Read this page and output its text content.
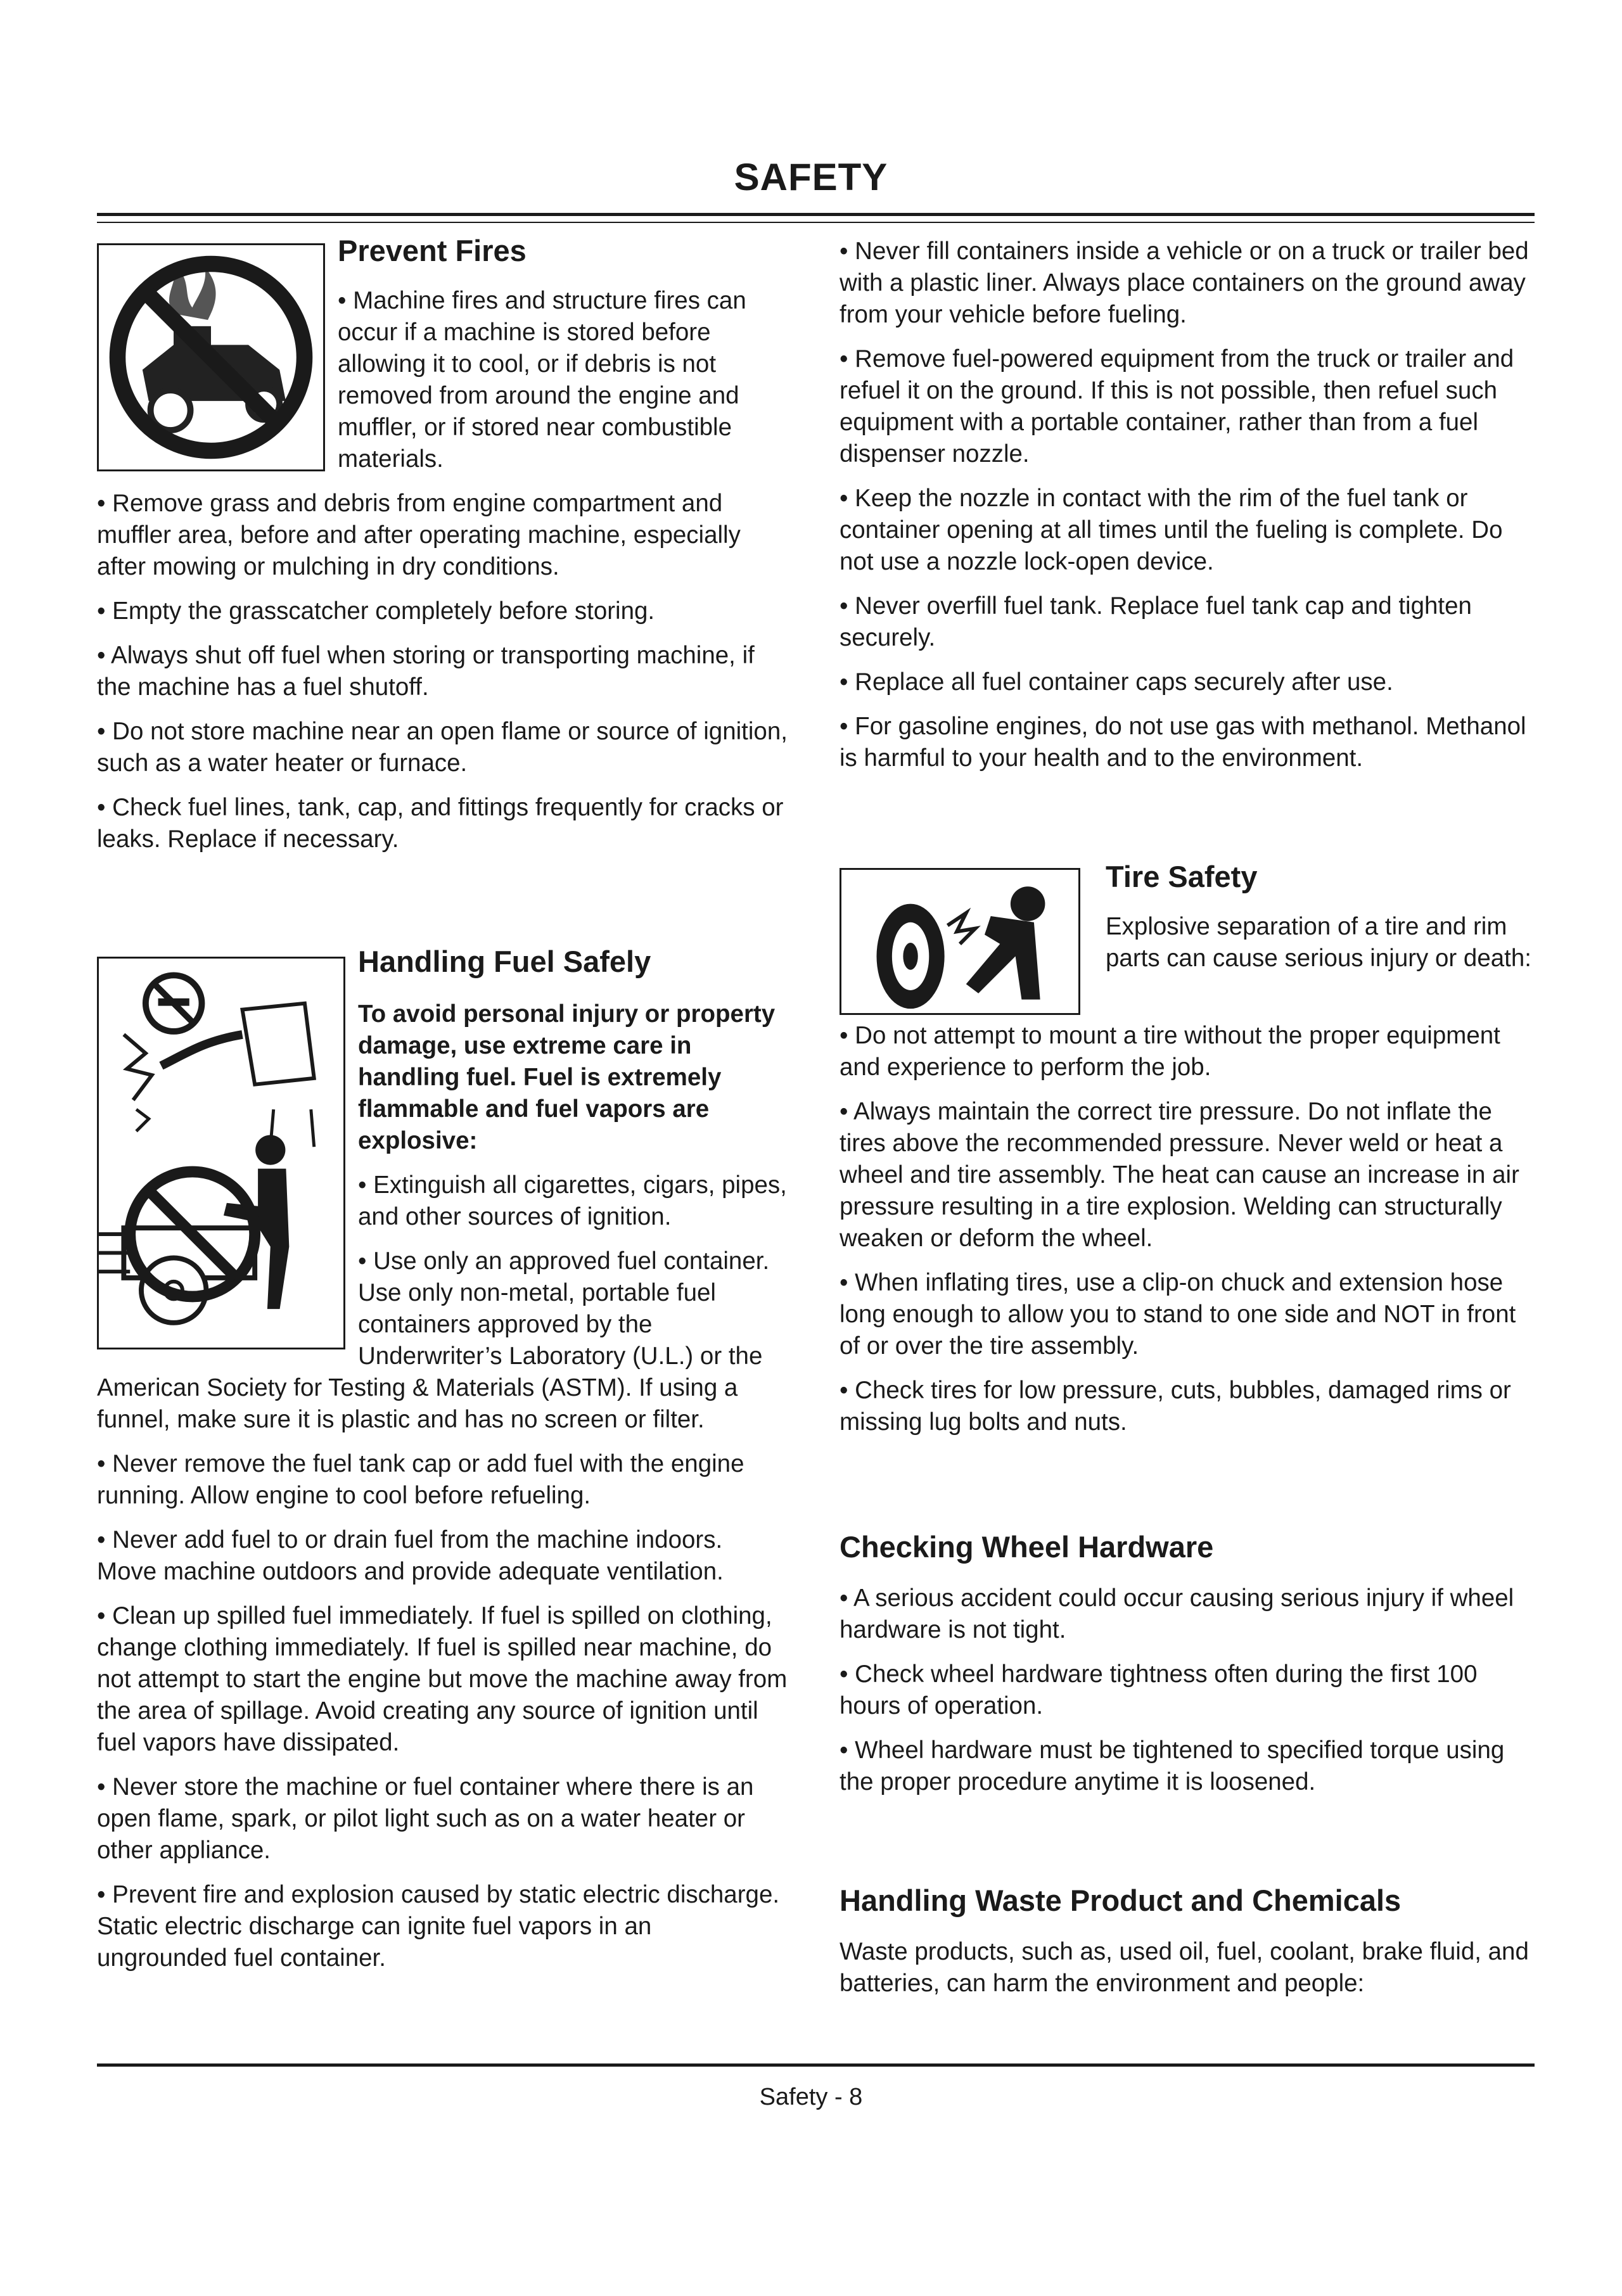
SAFETY
Prevent Fires

• Machine fires and structure fires can occur if a machine is stored before allowing it to cool, or if debris is not removed from around the engine and muffler, or if stored near combustible materials.

• Remove grass and debris from engine compartment and muffler area, before and after operating machine, especially after mowing or mulching in dry conditions.

• Empty the grasscatcher completely before storing.

• Always shut off fuel when storing or transporting machine, if the machine has a fuel shutoff.

• Do not store machine near an open flame or source of ignition, such as a water heater or furnace.

• Check fuel lines, tank, cap, and fittings frequently for cracks or leaks. Replace if necessary.

Handling Fuel Safely

To avoid personal injury or property damage, use extreme care in handling fuel. Fuel is extremely flammable and fuel vapors are explosive:

• Extinguish all cigarettes, cigars, pipes, and other sources of ignition.

• Use only an approved fuel container. Use only non-metal, portable fuel containers approved by the Underwriter’s Laboratory (U.L.) or the American Society for Testing & Materials (ASTM). If using a funnel, make sure it is plastic and has no screen or filter.

• Never remove the fuel tank cap or add fuel with the engine running. Allow engine to cool before refueling.

• Never add fuel to or drain fuel from the machine indoors. Move machine outdoors and provide adequate ventilation.

• Clean up spilled fuel immediately. If fuel is spilled on clothing, change clothing immediately. If fuel is spilled near machine, do not attempt to start the engine but move the machine away from the area of spillage. Avoid creating any source of ignition until fuel vapors have dissipated.

• Never store the machine or fuel container where there is an open flame, spark, or pilot light such as on a water heater or other appliance.

• Prevent fire and explosion caused by static electric discharge. Static electric discharge can ignite fuel vapors in an ungrounded fuel container.

• Never fill containers inside a vehicle or on a truck or trailer bed with a plastic liner. Always place containers on the ground away from your vehicle before fueling.

• Remove fuel-powered equipment from the truck or trailer and refuel it on the ground. If this is not possible, then refuel such equipment with a portable container, rather than from a fuel dispenser nozzle.

• Keep the nozzle in contact with the rim of the fuel tank or container opening at all times until the fueling is complete. Do not use a nozzle lock-open device.

• Never overfill fuel tank. Replace fuel tank cap and tighten securely.

• Replace all fuel container caps securely after use.

• For gasoline engines, do not use gas with methanol. Methanol is harmful to your health and to the environment.

Tire Safety

Explosive separation of a tire and rim parts can cause serious injury or death:

• Do not attempt to mount a tire without the proper equipment and experience to perform the job.

• Always maintain the correct tire pressure. Do not inflate the tires above the recommended pressure. Never weld or heat a wheel and tire assembly. The heat can cause an increase in air pressure resulting in a tire explosion. Welding can structurally weaken or deform the wheel.

• When inflating tires, use a clip-on chuck and extension hose long enough to allow you to stand to one side and NOT in front of or over the tire assembly.

• Check tires for low pressure, cuts, bubbles, damaged rims or missing lug bolts and nuts.

Checking Wheel Hardware

• A serious accident could occur causing serious injury if wheel hardware is not tight.

• Check wheel hardware tightness often during the first 100 hours of operation.

• Wheel hardware must be tightened to specified torque using the proper procedure anytime it is loosened.

Handling Waste Product and Chemicals

Waste products, such as, used oil, fuel, coolant, brake fluid, and batteries, can harm the environment and people:

Safety - 8
